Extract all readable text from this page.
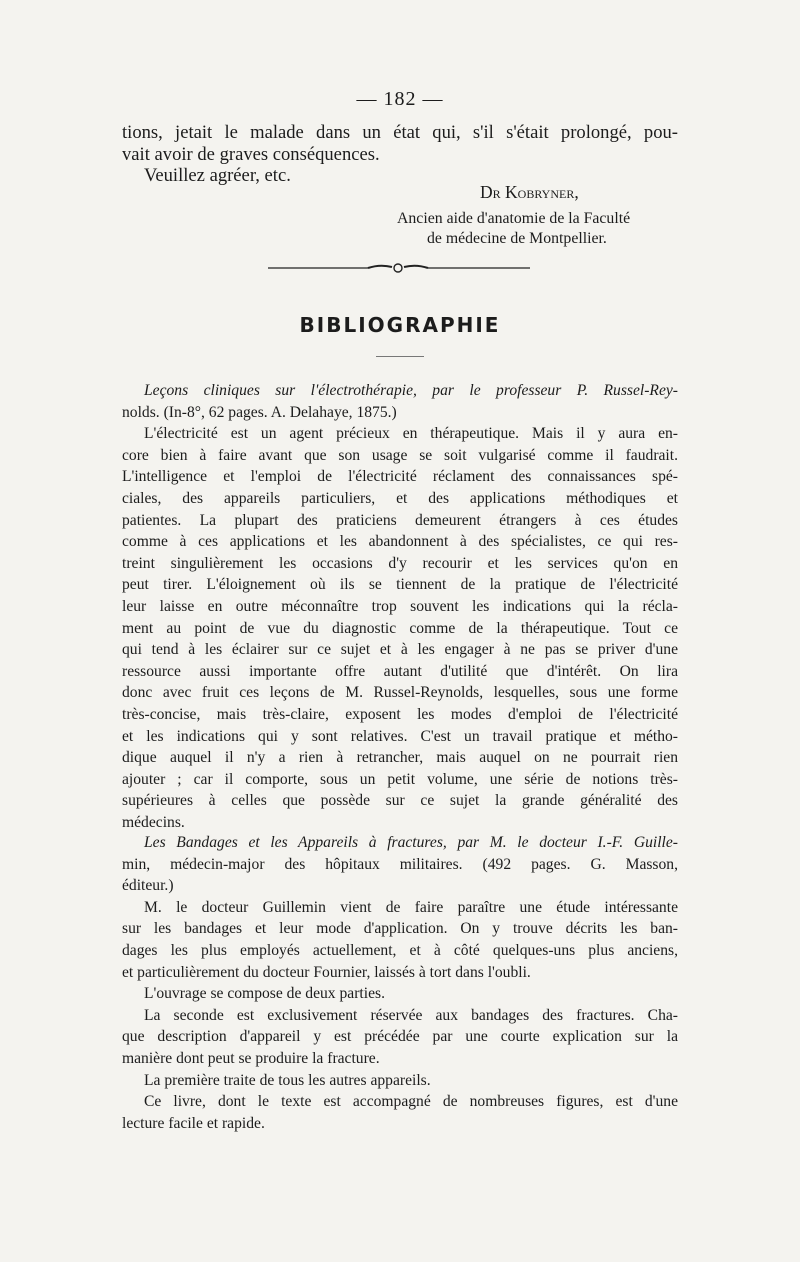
— 182 —
tions, jetait le malade dans un état qui, s'il s'était prolongé, pou-
vait avoir de graves conséquences.
Veuillez agréer, etc.
Dr Kobryner,
Ancien aide d'anatomie de la Faculté
de médecine de Montpellier.
BIBLIOGRAPHIE
Leçons cliniques sur l'électrothérapie, par le professeur P. Russel-Rey-
nolds. (In-8°, 62 pages. A. Delahaye, 1875.)
L'électricité est un agent précieux en thérapeutique. Mais il y aura en-
core bien à faire avant que son usage se soit vulgarisé comme il faudrait.
L'intelligence et l'emploi de l'électricité réclament des connaissances spé-
ciales, des appareils particuliers, et des applications méthodiques et
patientes. La plupart des praticiens demeurent étrangers à ces études
comme à ces applications et les abandonnent à des spécialistes, ce qui res-
treint singulièrement les occasions d'y recourir et les services qu'on en
peut tirer. L'éloignement où ils se tiennent de la pratique de l'électricité
leur laisse en outre méconnaître trop souvent les indications qui la récla-
ment au point de vue du diagnostic comme de la thérapeutique. Tout ce
qui tend à les éclairer sur ce sujet et à les engager à ne pas se priver d'une
ressource aussi importante offre autant d'utilité que d'intérêt. On lira
donc avec fruit ces leçons de M. Russel-Reynolds, lesquelles, sous une forme
très-concise, mais très-claire, exposent les modes d'emploi de l'électricité
et les indications qui y sont relatives. C'est un travail pratique et métho-
dique auquel il n'y a rien à retrancher, mais auquel on ne pourrait rien
ajouter ; car il comporte, sous un petit volume, une série de notions très-
supérieures à celles que possède sur ce sujet la grande généralité des
médecins.
Les Bandages et les Appareils à fractures, par M. le docteur I.-F. Guille-
min, médecin-major des hôpitaux militaires. (492 pages. G. Masson,
éditeur.)
M. le docteur Guillemin vient de faire paraître une étude intéressante
sur les bandages et leur mode d'application. On y trouve décrits les ban-
dages les plus employés actuellement, et à côté quelques-uns plus anciens,
et particulièrement du docteur Fournier, laissés à tort dans l'oubli.
L'ouvrage se compose de deux parties.
La seconde est exclusivement réservée aux bandages des fractures. Cha-
que description d'appareil y est précédée par une courte explication sur la
manière dont peut se produire la fracture.
La première traite de tous les autres appareils.
Ce livre, dont le texte est accompagné de nombreuses figures, est d'une
lecture facile et rapide.
